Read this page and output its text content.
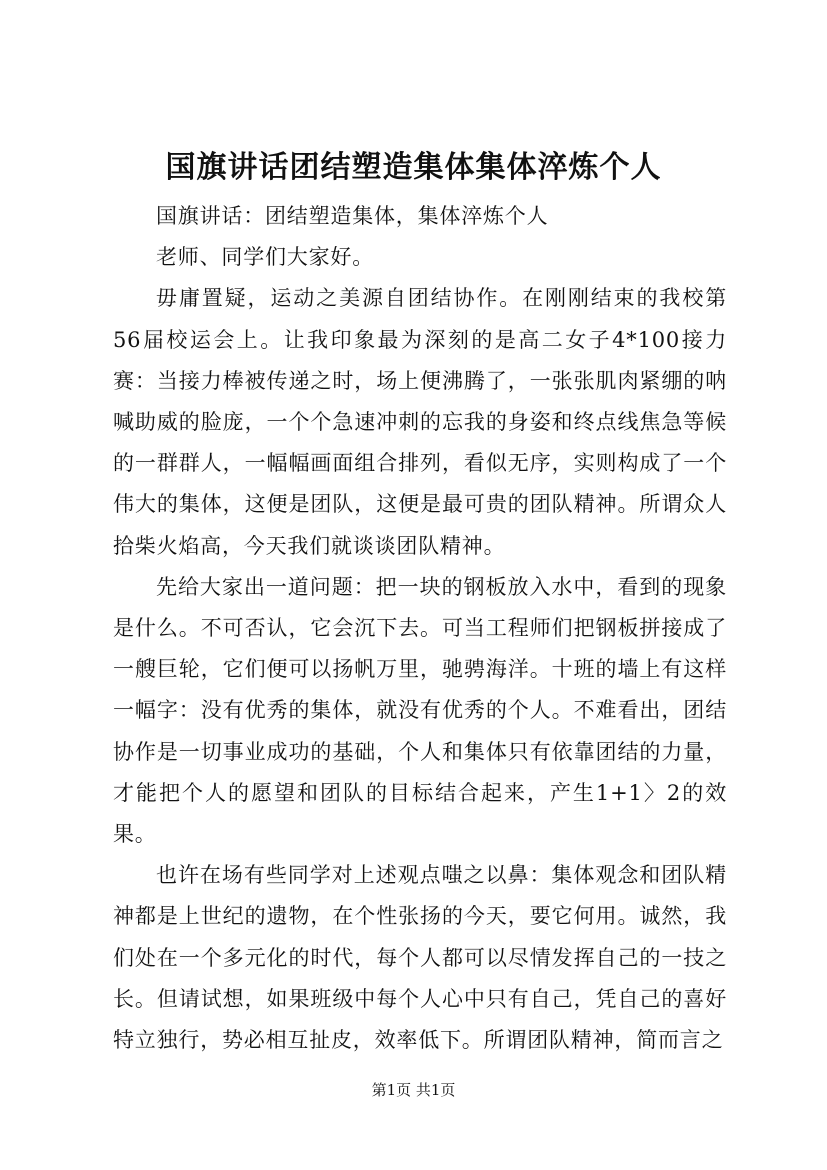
国旗讲话团结塑造集体集体淬炼个人

国旗讲话：团结塑造集体，集体淬炼个人

老师、同学们大家好。

毋庸置疑，运动之美源自团结协作。在刚刚结束的我校第56届校运会上。让我印象最为深刻的是高二女子4*100接力赛：当接力棒被传递之时，场上便沸腾了，一张张肌肉紧绷的呐喊助威的脸庞，一个个急速冲刺的忘我的身姿和终点线焦急等候的一群群人，一幅幅画面组合排列，看似无序，实则构成了一个伟大的集体，这便是团队，这便是最可贵的团队精神。所谓众人拾柴火焰高，今天我们就谈谈团队精神。

先给大家出一道问题：把一块的钢板放入水中，看到的现象是什么。不可否认，它会沉下去。可当工程师们把钢板拼接成了一艘巨轮，它们便可以扬帆万里，驰骋海洋。十班的墙上有这样一幅字：没有优秀的集体，就没有优秀的个人。不难看出，团结协作是一切事业成功的基础，个人和集体只有依靠团结的力量，才能把个人的愿望和团队的目标结合起来，产生1+1〉2的效果。

也许在场有些同学对上述观点嗤之以鼻：集体观念和团队精神都是上世纪的遗物，在个性张扬的今天，要它何用。诚然，我们处在一个多元化的时代，每个人都可以尽情发挥自己的一技之长。但请试想，如果班级中每个人心中只有自己，凭自己的喜好特立独行，势必相互扯皮，效率低下。所谓团队精神，简而言之

第1页 共1页
